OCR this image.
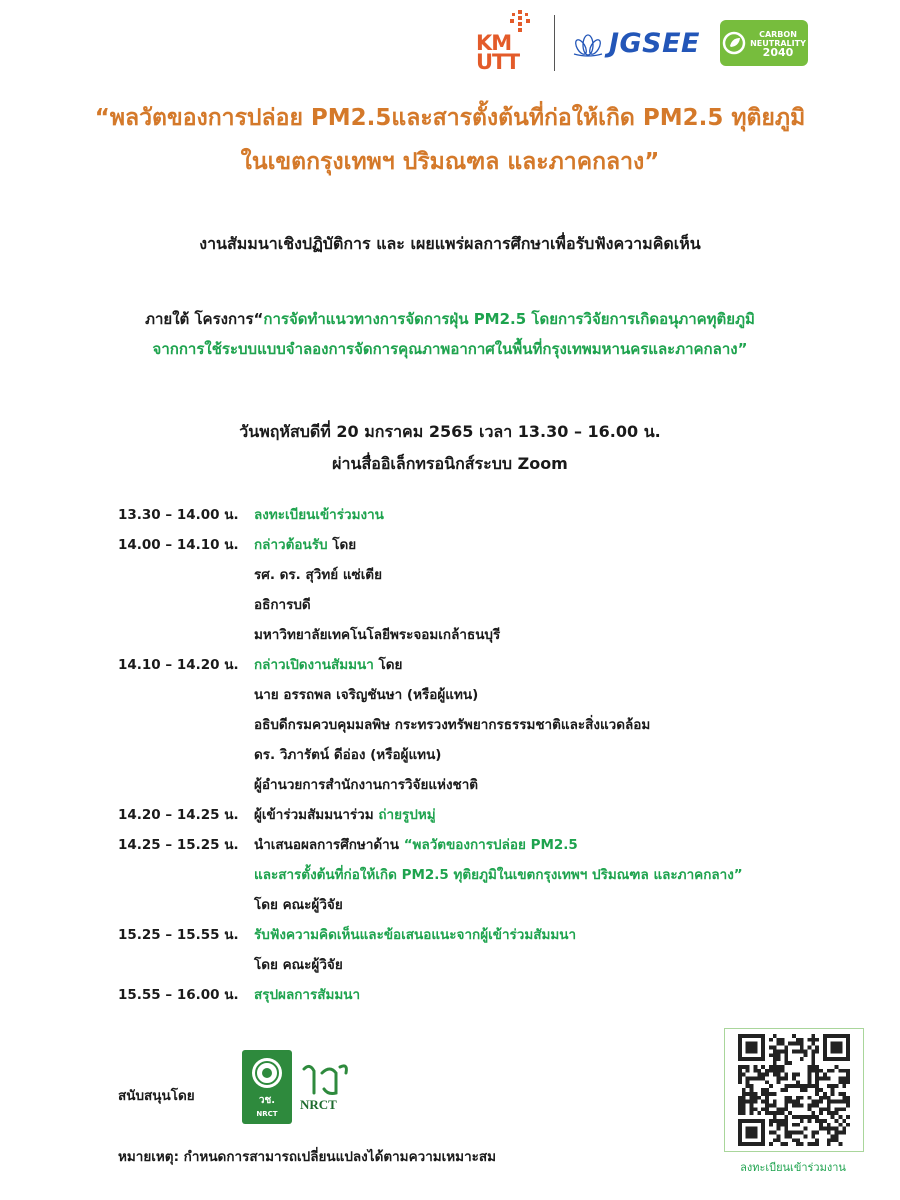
KM
UTT
JGSEE	CARBON
NEUTRALITY
2040
“พลวัตของการปล่อย PM2.5และสารตั้งต้นที่ก่อให้เกิด PM2.5 ทุติยภูมิ
ในเขตกรุงเทพฯ ปริมณฑล และภาคกลาง”
งานสัมมนาเชิงปฏิบัติการ และ เผยแพร่ผลการศึกษาเพื่อรับฟังความคิดเห็น
ภายใต้ โครงการ“การจัดทำแนวทางการจัดการฝุ่น PM2.5 โดยการวิจัยการเกิดอนุภาคทุติยภูมิ
จากการใช้ระบบแบบจำลองการจัดการคุณภาพอากาศในพื้นที่กรุงเทพมหานครและภาคกลาง”
วันพฤหัสบดีที่ 20 มกราคม 2565 เวลา 13.30 – 16.00 น.
ผ่านสื่ออิเล็กทรอนิกส์ระบบ Zoom
13.30 – 14.00 น.	ลงทะเบียนเข้าร่วมงาน
14.00 – 14.10 น.	กล่าวต้อนรับ โดย
รศ. ดร. สุวิทย์ แซ่เตีย
อธิการบดี
มหาวิทยาลัยเทคโนโลยีพระจอมเกล้าธนบุรี
14.10 – 14.20 น.	กล่าวเปิดงานสัมมนา โดย
นาย อรรถพล เจริญชันษา (หรือผู้แทน)
อธิบดีกรมควบคุมมลพิษ กระทรวงทรัพยากรธรรมชาติและสิ่งแวดล้อม
ดร. วิภารัตน์ ดีอ่อง (หรือผู้แทน)
ผู้อำนวยการสำนักงานการวิจัยแห่งชาติ
14.20 – 14.25 น.	ผู้เข้าร่วมสัมมนาร่วม ถ่ายรูปหมู่
14.25 – 15.25 น.	นำเสนอผลการศึกษาด้าน “พลวัตของการปล่อย PM2.5
และสารตั้งต้นที่ก่อให้เกิด PM2.5 ทุติยภูมิในเขตกรุงเทพฯ ปริมณฑล และภาคกลาง”
โดย คณะผู้วิจัย
15.25 – 15.55 น.	รับฟังความคิดเห็นและข้อเสนอแนะจากผู้เข้าร่วมสัมมนา
โดย คณะผู้วิจัย
15.55 – 16.00 น.	สรุปผลการสัมมนา
สนับสนุนโดย	วช.
NRCT
NRCT
หมายเหตุ: กำหนดการสามารถเปลี่ยนแปลงได้ตามความเหมาะสม
ลงทะเบียนเข้าร่วมงาน
